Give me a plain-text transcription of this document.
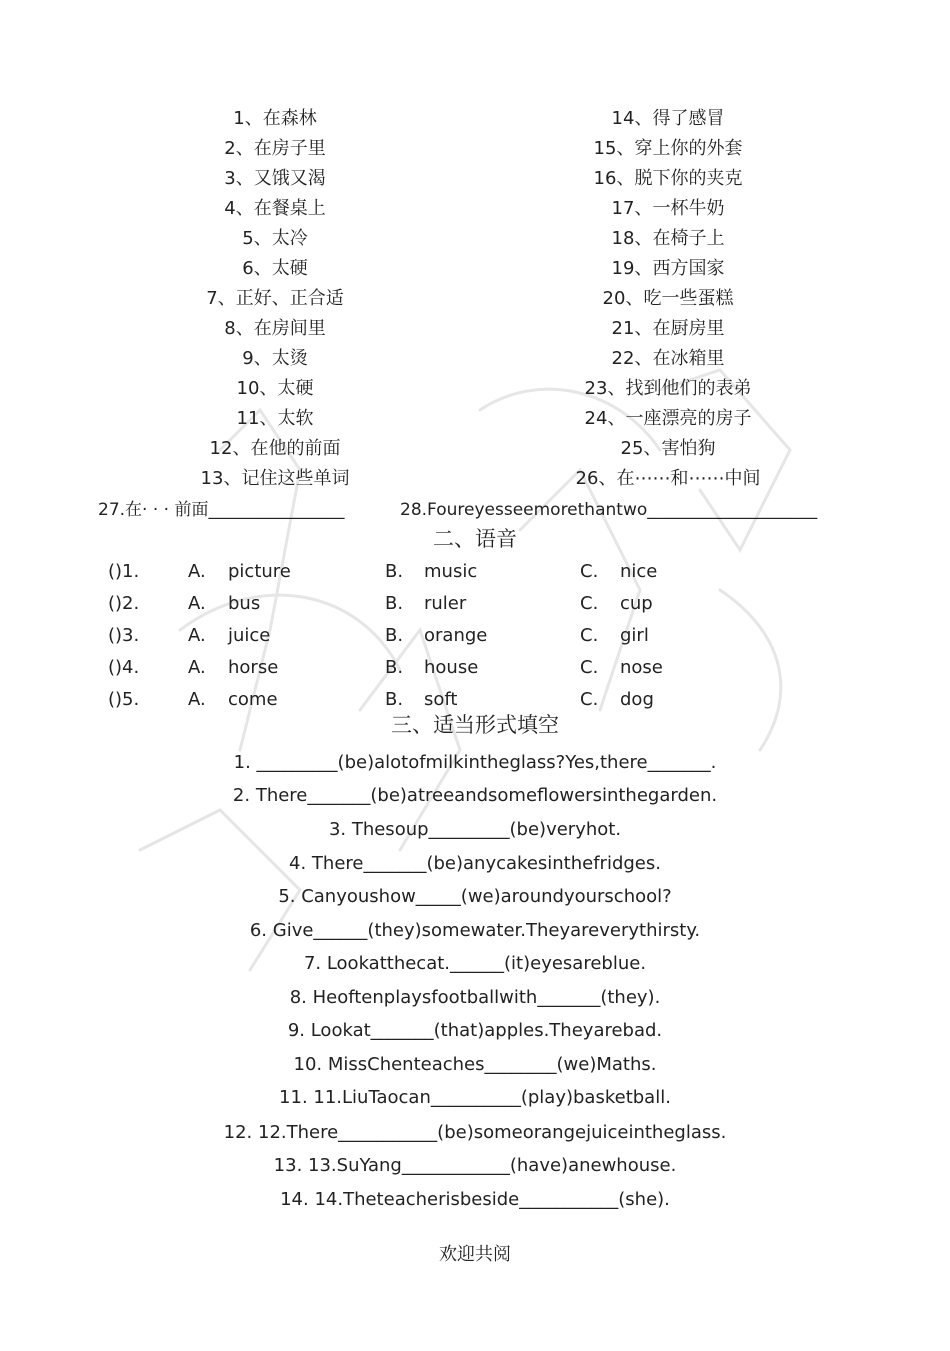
1、在森林
2、在房子里
3、又饿又渴
4、在餐桌上
5、太冷
6、太硬
7、正好、正合适
8、在房间里
9、太烫
10、太硬
11、太软
12、在他的前面
13、记住这些单词
14、得了感冒
15、穿上你的外套
16、脱下你的夹克
17、一杯牛奶
18、在椅子上
19、西方国家
20、吃一些蛋糕
21、在厨房里
22、在冰箱里
23、找到他们的表弟
24、一座漂亮的房子
25、害怕狗
26、在⋯⋯和⋯⋯中间
27.在· · · 前面________________	28.Foureyesseemorethantwo____________________
二、语音
()1.	A. picture	B. music	C. nice
()2.	A. bus	B. ruler	C. cup
()3.	A. juice	B. orange	C. girl
()4.	A. horse	B. house	C. nose
()5.	A. come	B. soft	C. dog
三、适当形式填空
1. _________(be)alotofmilkintheglass?Yes,there_______.
2. There_______(be)atreeandsomeflowersinthegarden.
3. Thesoup_________(be)veryhot.
4. There_______(be)anycakesinthefridges.
5. Canyoushow_____(we)aroundyourschool?
6. Give______(they)somewater.Theyareverythirsty.
7. Lookatthecat.______(it)eyesareblue.
8. Heoftenplaysfootballwith_______(they).
9. Lookat_______(that)apples.Theyarebad.
10. MissChenteaches________(we)Maths.
11. 11.LiuTaocan__________(play)basketball.
12. 12.There___________(be)someorangejuiceintheglass.
13. 13.SuYang____________(have)anewhouse.
14. 14.Theteacherisbeside___________(she).
欢迎共阅
